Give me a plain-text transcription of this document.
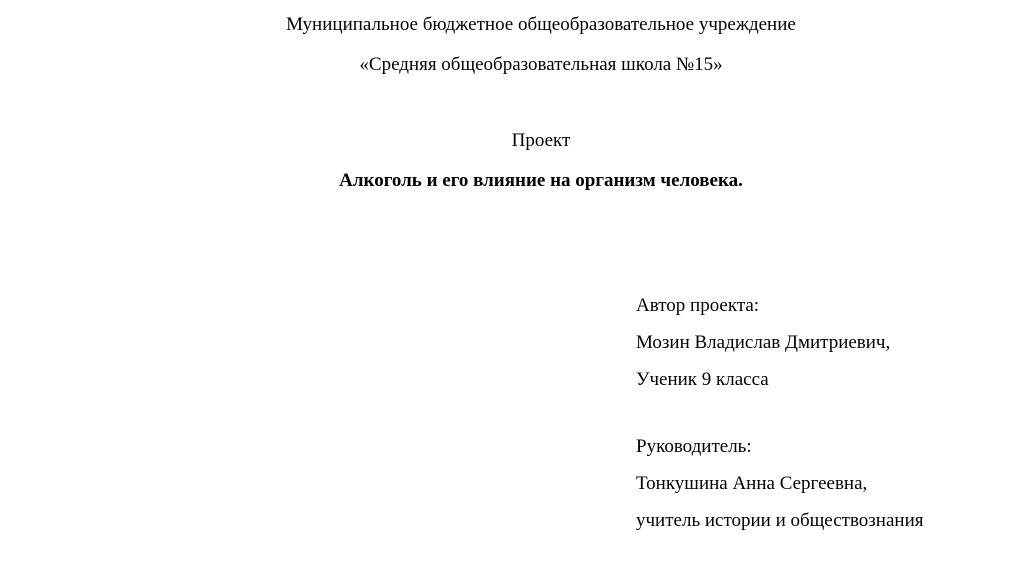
Муниципальное бюджетное общеобразовательное учреждение

«Средняя общеобразовательная школа №15»

Проект

Алкоголь и его влияние на организм человека.

Автор проекта:

Мозин Владислав Дмитриевич,

Ученик 9 класса

Руководитель:

Тонкушина Анна Сергеевна,

учитель истории и обществознания
